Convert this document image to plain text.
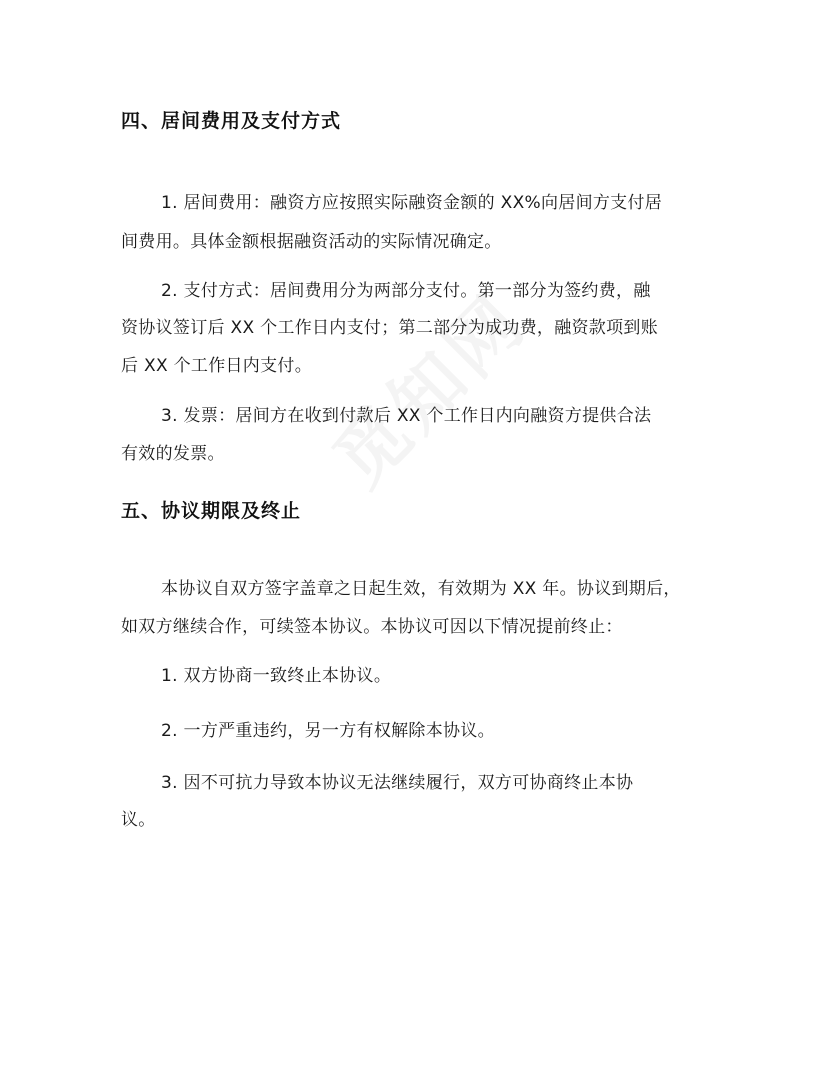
四、居间费用及支付方式
1. 居间费用：融资方应按照实际融资金额的 XX%向居间方支付居
间费用。具体金额根据融资活动的实际情况确定。
2. 支付方式：居间费用分为两部分支付。第一部分为签约费，融
资协议签订后 XX 个工作日内支付；第二部分为成功费，融资款项到账
后 XX 个工作日内支付。
3. 发票：居间方在收到付款后 XX 个工作日内向融资方提供合法
有效的发票。
五、协议期限及终止
本协议自双方签字盖章之日起生效，有效期为 XX 年。协议到期后，
如双方继续合作，可续签本协议。本协议可因以下情况提前终止：
1. 双方协商一致终止本协议。
2. 一方严重违约，另一方有权解除本协议。
3. 因不可抗力导致本协议无法继续履行，双方可协商终止本协
议。
